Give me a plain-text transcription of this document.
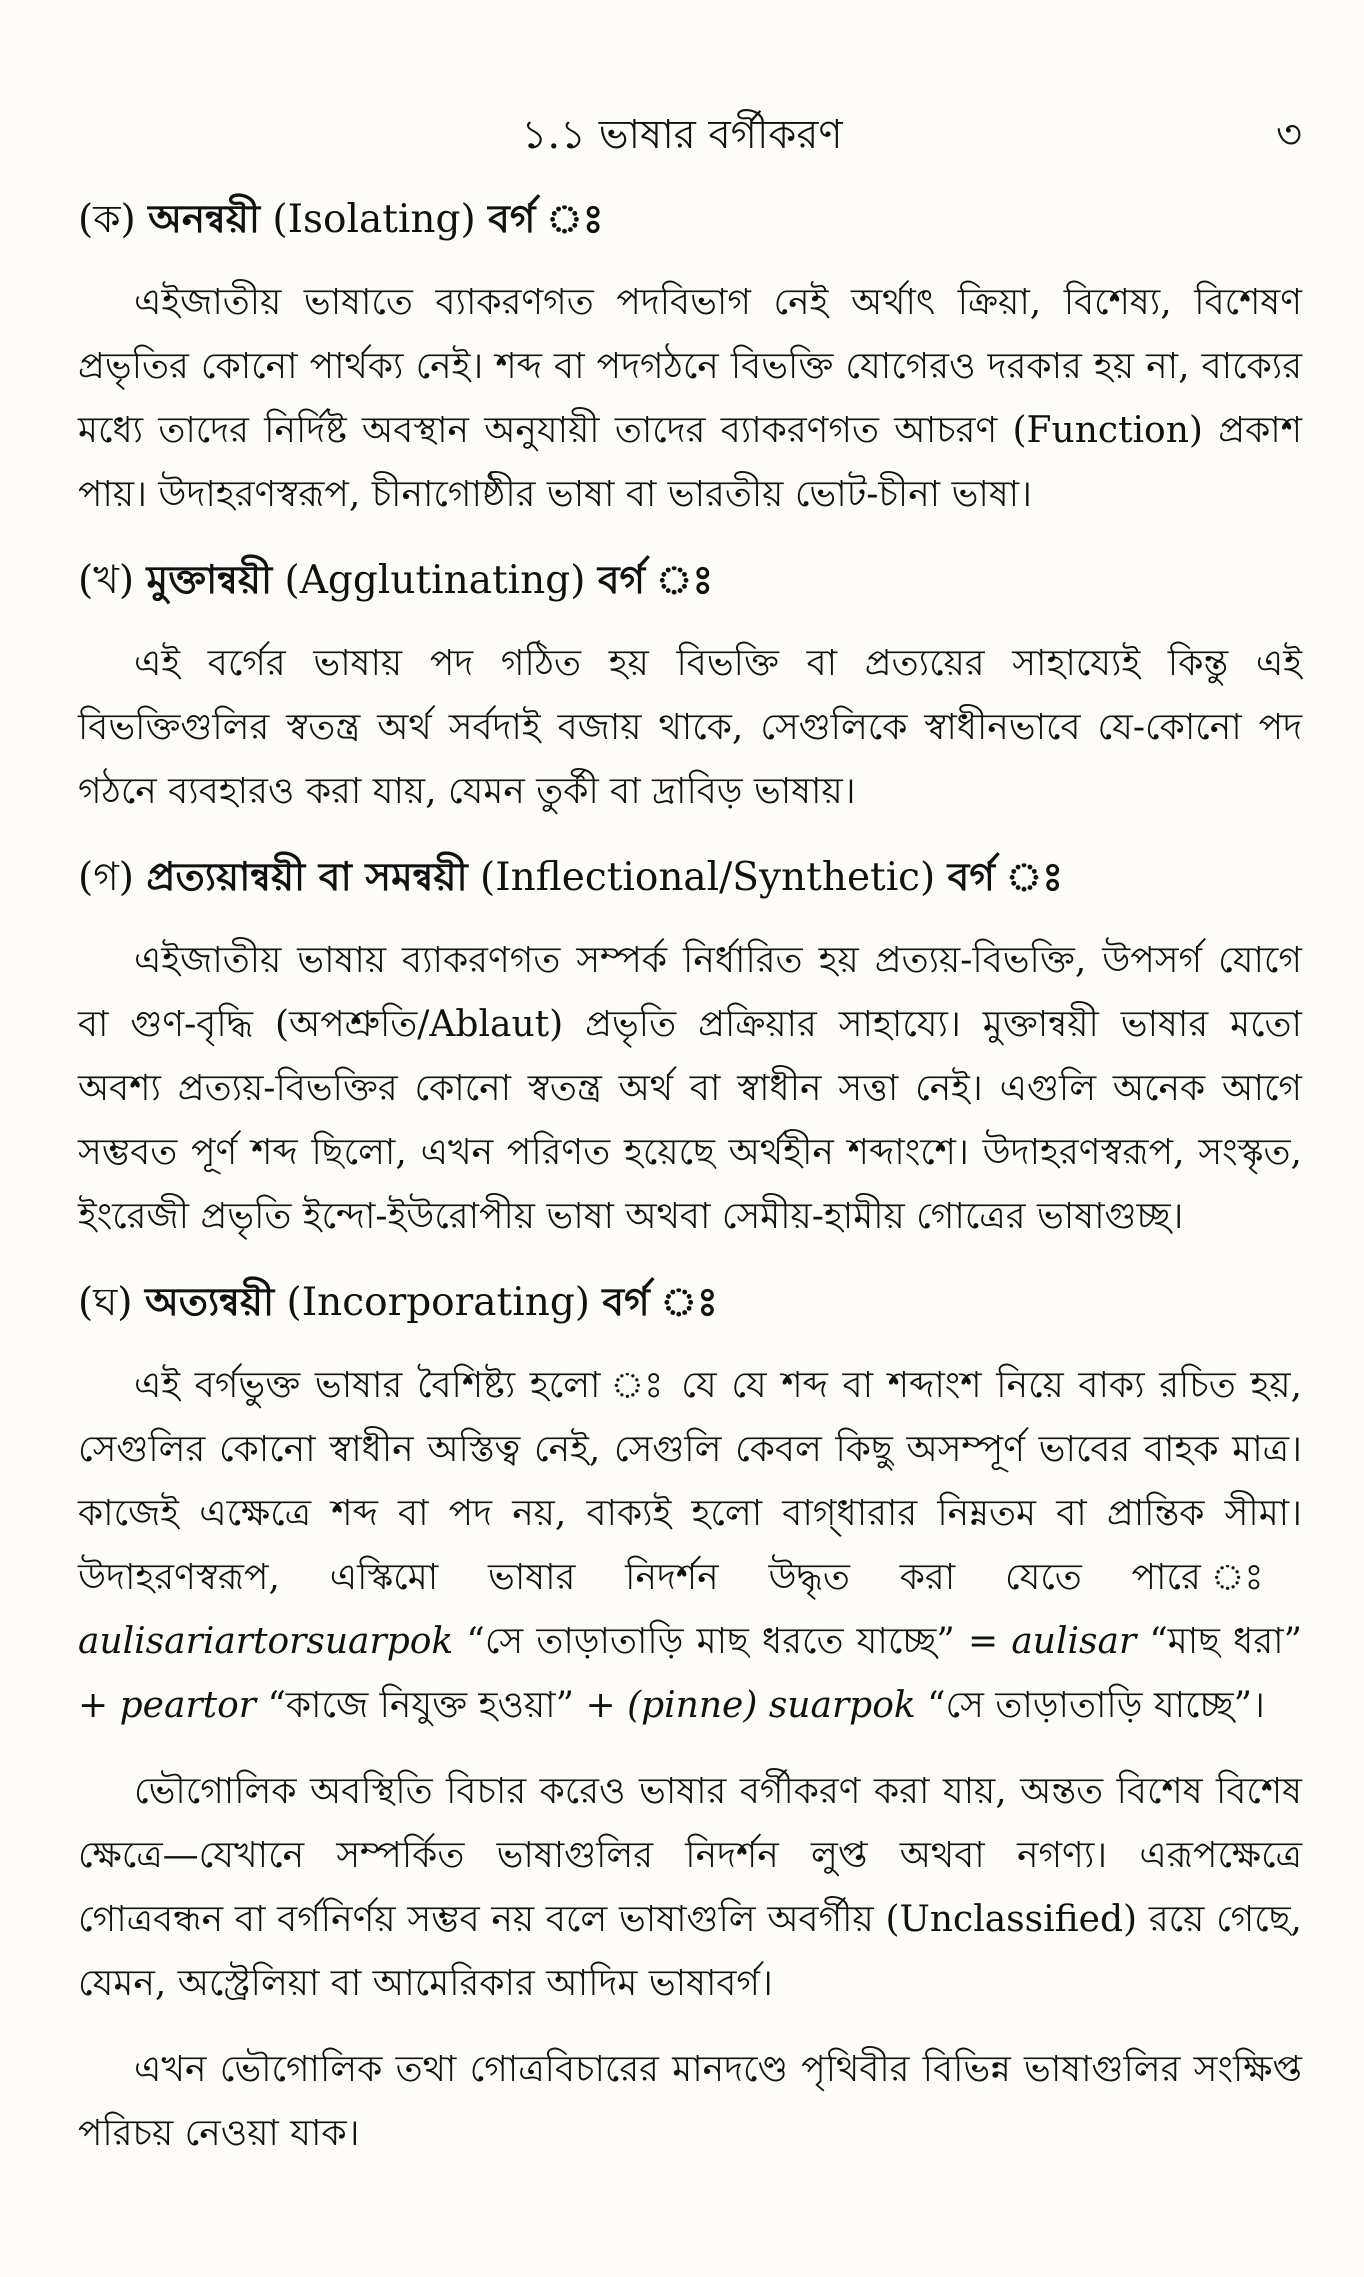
১.১ ভাষার বর্গীকরণ	৩
(ক) অনন্বয়ী (Isolating) বর্গ ঃ

এইজাতীয় ভাষাতে ব্যাকরণগত পদবিভাগ নেই অর্থাৎ ক্রিয়া, বিশেষ্য, বিশেষণ প্রভৃতির কোনো পার্থক্য নেই। শব্দ বা পদগঠনে বিভক্তি যোগেরও দরকার হয় না, বাক্যের মধ্যে তাদের নির্দিষ্ট অবস্থান অনুযায়ী তাদের ব্যাকরণগত আচরণ (Function) প্রকাশ পায়। উদাহরণস্বরূপ, চীনাগোষ্ঠীর ভাষা বা ভারতীয় ভোট-চীনা ভাষা।

(খ) মুক্তান্বয়ী (Agglutinating) বর্গ ঃ

এই বর্গের ভাষায় পদ গঠিত হয় বিভক্তি বা প্রত্যয়ের সাহায্যেই কিন্তু এই বিভক্তিগুলির স্বতন্ত্র অর্থ সর্বদাই বজায় থাকে, সেগুলিকে স্বাধীনভাবে যে-কোনো পদ গঠনে ব্যবহারও করা যায়, যেমন তুর্কী বা দ্রাবিড় ভাষায়।

(গ) প্রত্যয়ান্বয়ী বা সমন্বয়ী (Inflectional/Synthetic) বর্গ ঃ

এইজাতীয় ভাষায় ব্যাকরণগত সম্পর্ক নির্ধারিত হয় প্রত্যয়-বিভক্তি, উপসর্গ যোগে বা গুণ-বৃদ্ধি (অপশ্রুতি/Ablaut) প্রভৃতি প্রক্রিয়ার সাহায্যে। মুক্তান্বয়ী ভাষার মতো অবশ্য প্রত্যয়-বিভক্তির কোনো স্বতন্ত্র অর্থ বা স্বাধীন সত্তা নেই। এগুলি অনেক আগে সম্ভবত পূর্ণ শব্দ ছিলো, এখন পরিণত হয়েছে অর্থহীন শব্দাংশে। উদাহরণস্বরূপ, সংস্কৃত, ইংরেজী প্রভৃতি ইন্দো-ইউরোপীয় ভাষা অথবা সেমীয়-হামীয় গোত্রের ভাষাগুচ্ছ।

(ঘ) অত্যন্বয়ী (Incorporating) বর্গ ঃ

এই বর্গভুক্ত ভাষার বৈশিষ্ট্য হলো ঃ যে যে শব্দ বা শব্দাংশ নিয়ে বাক্য রচিত হয়, সেগুলির কোনো স্বাধীন অস্তিত্ব নেই, সেগুলি কেবল কিছু অসম্পূর্ণ ভাবের বাহক মাত্র। কাজেই এক্ষেত্রে শব্দ বা পদ নয়, বাক্যই হলো বাগ্‌ধারার নিম্নতম বা প্রান্তিক সীমা। উদাহরণস্বরূপ, এস্কিমো ভাষার নিদর্শন উদ্ধৃত করা যেতে পারে ঃ aulisariartorsuarpok “সে তাড়াতাড়ি মাছ ধরতে যাচ্ছে” = aulisar “মাছ ধরা” + peartor “কাজে নিযুক্ত হওয়া” + (pinne) suarpok “সে তাড়াতাড়ি যাচ্ছে”।

ভৌগোলিক অবস্থিতি বিচার করেও ভাষার বর্গীকরণ করা যায়, অন্তত বিশেষ বিশেষ ক্ষেত্রে—যেখানে সম্পর্কিত ভাষাগুলির নিদর্শন লুপ্ত অথবা নগণ্য। এরূপক্ষেত্রে গোত্রবন্ধন বা বর্গনির্ণয় সম্ভব নয় বলে ভাষাগুলি অবর্গীয় (Unclassified) রয়ে গেছে, যেমন, অস্ট্রেলিয়া বা আমেরিকার আদিম ভাষাবর্গ।

এখন ভৌগোলিক তথা গোত্রবিচারের মানদণ্ডে পৃথিবীর বিভিন্ন ভাষাগুলির সংক্ষিপ্ত পরিচয় নেওয়া যাক।
